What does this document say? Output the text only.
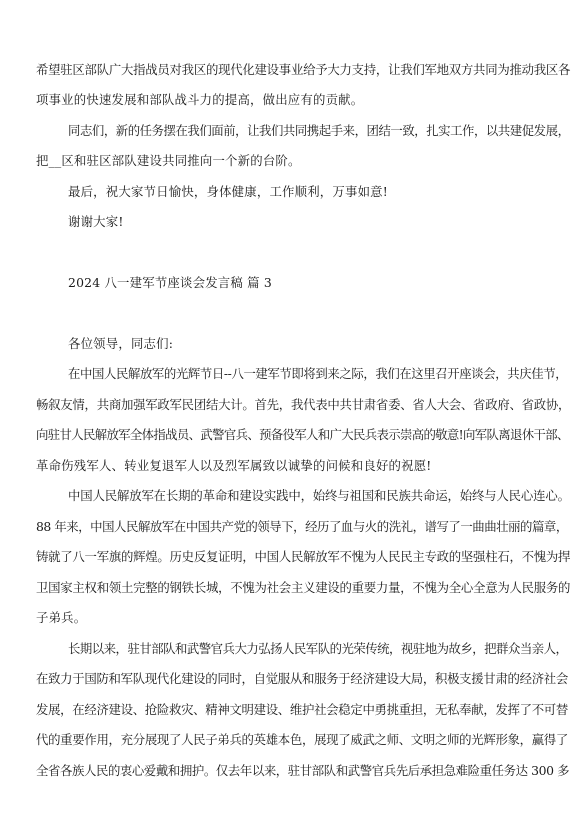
希望驻区部队广大指战员对我区的现代化建设事业给予大力支持，让我们军地双方共同为推动我区各
项事业的快速发展和部队战斗力的提高，做出应有的贡献。
同志们，新的任务摆在我们面前，让我们共同携起手来，团结一致，扎实工作，以共建促发展，
把__区和驻区部队建设共同推向一个新的台阶。
最后，祝大家节日愉快，身体健康，工作顺利，万事如意!
谢谢大家!
2024 八一建军节座谈会发言稿 篇 3
各位领导，同志们:
在中国人民解放军的光辉节日--八一建军节即将到来之际，我们在这里召开座谈会，共庆佳节，
畅叙友情，共商加强军政军民团结大计。首先，我代表中共甘肃省委、省人大会、省政府、省政协，
向驻甘人民解放军全体指战员、武警官兵、预备役军人和广大民兵表示崇高的敬意!向军队离退休干部、
革命伤残军人、转业复退军人以及烈军属致以诚挚的问候和良好的祝愿!
中国人民解放军在长期的革命和建设实践中，始终与祖国和民族共命运，始终与人民心连心。
88 年来，中国人民解放军在中国共产党的领导下，经历了血与火的洗礼，谱写了一曲曲壮丽的篇章，
铸就了八一军旗的辉煌。历史反复证明，中国人民解放军不愧为人民民主专政的坚强柱石，不愧为捍
卫国家主权和领土完整的钢铁长城，不愧为社会主义建设的重要力量，不愧为全心全意为人民服务的
子弟兵。
长期以来，驻甘部队和武警官兵大力弘扬人民军队的光荣传统，视驻地为故乡，把群众当亲人，
在致力于国防和军队现代化建设的同时，自觉服从和服务于经济建设大局，积极支援甘肃的经济社会
发展，在经济建设、抢险救灾、精神文明建设、维护社会稳定中勇挑重担，无私奉献，发挥了不可替
代的重要作用，充分展现了人民子弟兵的英雄本色，展现了威武之师、文明之师的光辉形象，赢得了
全省各族人民的衷心爱戴和拥护。仅去年以来，驻甘部队和武警官兵先后承担急难险重任务达 300 多
